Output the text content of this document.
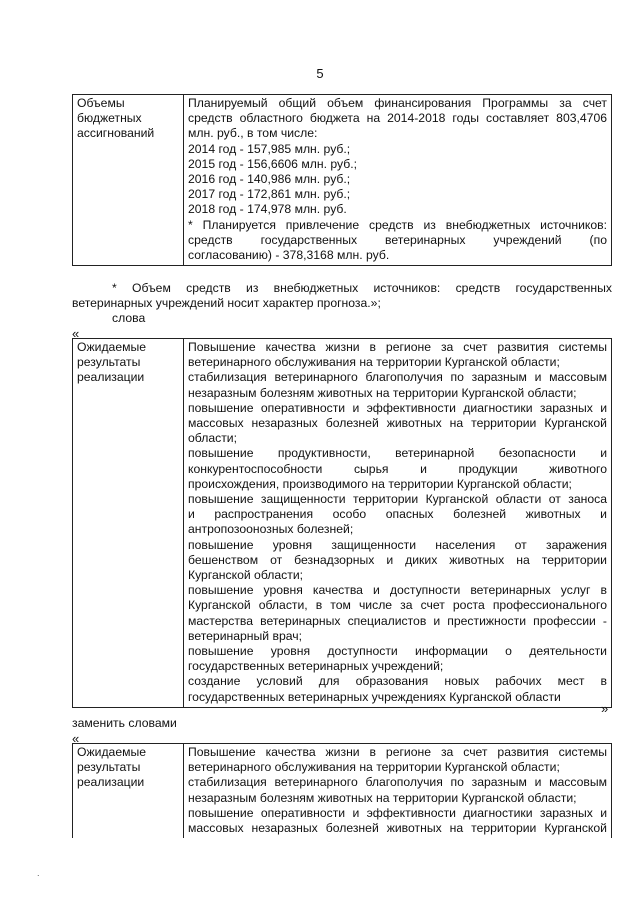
5
Объемы
бюджетных
ассигнований

Планируемый общий объем финансирования Программы за счет
средств областного бюджета на 2014-2018 годы составляет 803,4706
млн. руб., в том числе:
2014 год - 157,985 млн. руб.;
2015 год - 156,6606 млн. руб.;
2016 год - 140,986 млн. руб.;
2017 год - 172,861 млн. руб.;
2018 год - 174,978 млн. руб.
* Планируется привлечение средств из внебюджетных источников:
средств государственных ветеринарных учреждений (по
согласованию) - 378,3168 млн. руб.
* Объем средств из внебюджетных источников: средств государственных
ветеринарных учреждений носит характер прогноза.»;
слова
«
Ожидаемые
результаты
реализации

Повышение качества жизни в регионе за счет развития системы
ветеринарного обслуживания на территории Курганской области;
стабилизация ветеринарного благополучия по заразным и массовым
незаразным болезням животных на территории Курганской области;
повышение оперативности и эффективности диагностики заразных и
массовых незаразных болезней животных на территории Курганской
области;
повышение продуктивности, ветеринарной безопасности и
конкурентоспособности сырья и продукции животного
происхождения, производимого на территории Курганской области;
повышение защищенности территории Курганской области от заноса
и распространения особо опасных болезней животных и
антропозоонозных болезней;
повышение уровня защищенности населения от заражения
бешенством от безнадзорных и диких животных на территории
Курганской области;
повышение уровня качества и доступности ветеринарных услуг в
Курганской области, в том числе за счет роста профессионального
мастерства ветеринарных специалистов и престижности профессии -
ветеринарный врач;
повышение уровня доступности информации о деятельности
государственных ветеринарных учреждений;
создание условий для образования новых рабочих мест в
государственных ветеринарных учреждениях Курганской области
»
заменить словами
«
Ожидаемые
результаты
реализации

Повышение качества жизни в регионе за счет развития системы
ветеринарного обслуживания на территории Курганской области;
стабилизация ветеринарного благополучия по заразным и массовым
незаразным болезням животных на территории Курганской области;
повышение оперативности и эффективности диагностики заразных и
массовых незаразных болезней животных на территории Курганской
.
